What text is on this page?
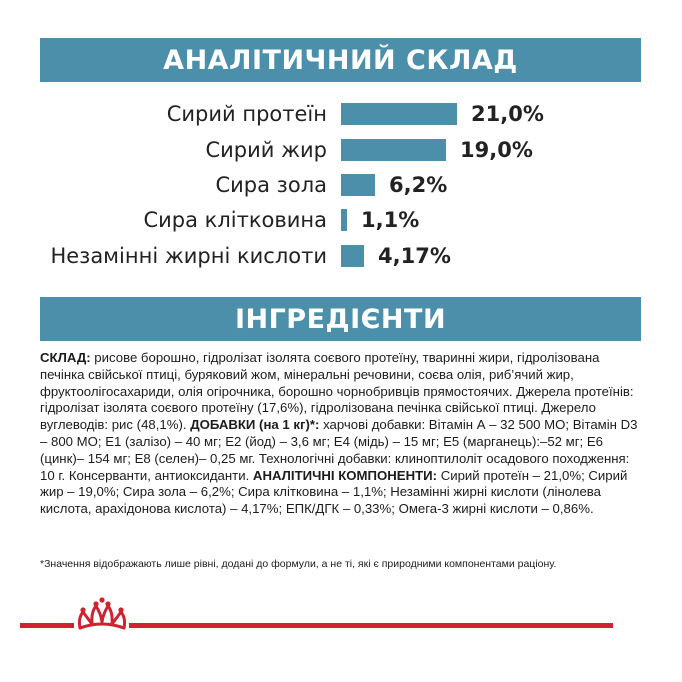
АНАЛІТИЧНИЙ СКЛАД
Сирий протеїн	21,0%
Сирий жир	19,0%
Сира зола	6,2%
Сира клітковина 1,1%
Незамінні жирні кислоти 4,17%
ІНГРЕДІЄНТИ
СКЛАД: рисове борошно, гідролізат ізолята соєвого протеїну, тваринні жири, гідролізована печінка свійської птиці, буряковий жом, мінеральні речовини, соєва олія, риб’ячий жир, фруктоолігосахариди, олія огірочника, борошно чорнобривців прямостоячих. Джерела протеїнів: гідролізат ізолята соєвого протеїну (17,6%), гідролізована печінка свійської птиці. Джерело вуглеводів: рис (48,1%). ДОБАВКИ (на 1 кг)*: харчові добавки: Вітамін А – 32 500 МО; Вітамін D3 – 800 МО; Е1 (залізо) – 40 мг; Е2 (йод) – 3,6 мг; Е4 (мідь) – 15 мг; Е5 (марганець):–52 мг; Е6 (цинк)– 154 мг; Е8 (селен)– 0,25 мг. Технологічні добавки: клиноптилоліт осадового походження: 10 г. Консерванти, антиоксиданти. АНАЛІТИЧНІ КОМПОНЕНТИ: Сирий протеїн – 21,0%; Сирий жир – 19,0%; Сира зола – 6,2%; Сира клітковина – 1,1%; Незамінні жирні кислоти (лінолева кислота, арахідонова кислота) – 4,17%; ЕПК/ДГК – 0,33%; Омега-3 жирні кислоти – 0,86%.
*Значення відображають лише рівні, додані до формули, а не ті, які є природними компонентами раціону.
